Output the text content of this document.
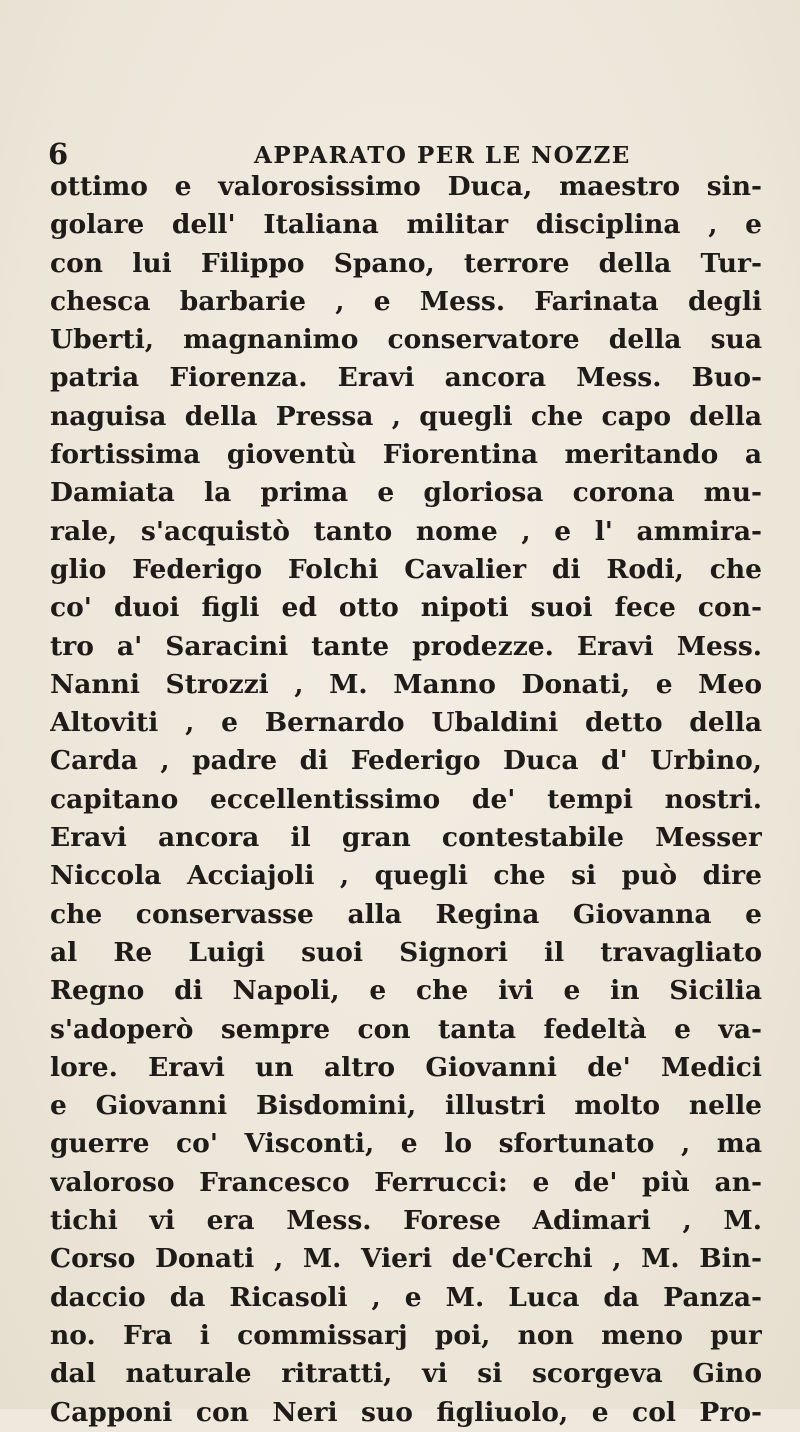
6	APPARATO PER LE NOZZE
ottimo e valorosissimo Duca, maestro sin-
golare dell' Italiana militar disciplina , e
con lui Filippo Spano, terrore della Tur-
chesca barbarie , e Mess. Farinata degli
Uberti, magnanimo conservatore della sua
patria Fiorenza. Eravi ancora Mess. Buo-
naguisa della Pressa , quegli che capo della
fortissima gioventù Fiorentina meritando a
Damiata la prima e gloriosa corona mu-
rale, s'acquistò tanto nome , e l' ammira-
glio Federigo Folchi Cavalier di Rodi, che
co' duoi figli ed otto nipoti suoi fece con-
tro a' Saracini tante prodezze. Eravi Mess.
Nanni Strozzi , M. Manno Donati, e Meo
Altoviti , e Bernardo Ubaldini detto della
Carda , padre di Federigo Duca d' Urbino,
capitano eccellentissimo de' tempi nostri.
Eravi ancora il gran contestabile Messer
Niccola Acciajoli , quegli che si può dire
che conservasse alla Regina Giovanna e
al Re Luigi suoi Signori il travagliato
Regno di Napoli, e che ivi e in Sicilia
s'adoperò sempre con tanta fedeltà e va-
lore. Eravi un altro Giovanni de' Medici
e Giovanni Bisdomini, illustri molto nelle
guerre co' Visconti, e lo sfortunato , ma
valoroso Francesco Ferrucci: e de' più an-
tichi vi era Mess. Forese Adimari , M.
Corso Donati , M. Vieri de'Cerchi , M. Bin-
daccio da Ricasoli , e M. Luca da Panza-
no. Fra i commissarj poi, non meno pur
dal naturale ritratti, vi si scorgeva Gino
Capponi con Neri suo figliuolo, e col Pro-
